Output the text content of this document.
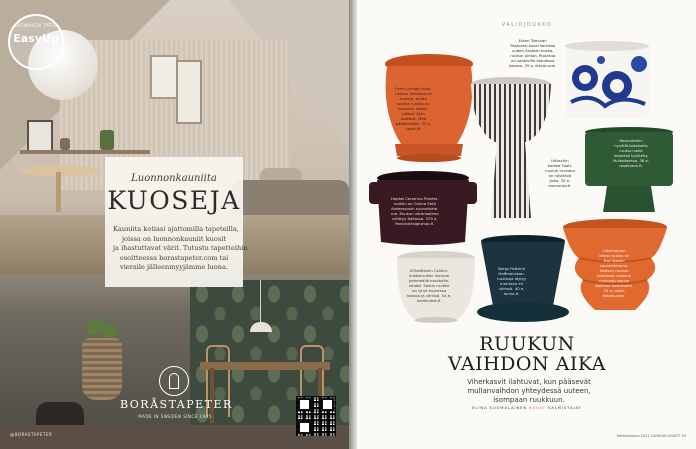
KOTIMAISTA TYÖTÄ
EasyUp
Luonnonkauniita
KUOSEJA
Kauniita kotiasi ajattomilla tapeteilla,
joissa on luonnonkauniit kuosit
ja ihastuttavat värit. Tutustu tapetteihin
osoitteessa borastapeter.com tai
vieraile jälleenmyyjämme luona.
BORÅSTAPETER
MADE IN SWEDEN SINCE 1905
@BORASTAPETER
VALIOJOUKKO
Ferm Livingin Alda-
ruukun uhkeissa on
muhea, mutta
sopiva ruukku on
kaunistu vedon-
pitävä. Ajan
kestävä. Mitä
pääkäyttöön, 25 e,
cocoll.fi.
Esteri Tomulan
Pastorasi-kuosi koristaa
uuden Arabian kukka-
ruukun pintaa. Ruukkua
on saatavilla kahdessa
koossa. 35 e, iittala.com.
Hübschin
korkea Footi-
ruukun mukana
on näyttävä
jalka. 35 e,
momento.fi.
Rosendahlin
hyvällä kokoisella
ruukuu sekä
kauniisti tyylitelty
Multaiteessa. 38 e,
rosekrans.fi.
Hoptat Ceramics Planter-
ruukku on Carina Seth
Anderssonin suunnittele-
ma. Ruukun värimaailma
välittyy Italiassa. 379 e,
finnishdesignshop.fi.
&Traditionin Collect-
kukkaruukku horneal
pehmeällä muotoilla-
lehdet. Selbin ruukku
on lyhyt moneesa
koossa ja värissä. 54 e,
nordicnest.fi.
Bergs Potterin
Hoffmanskan-
ruukkuja löytyy
monessa eri
värissä. 40 e,
lanna.fi.
Lokomalaon
ulkoa ruukku on
Eva Sjostin
suunnittelema.
Hodsan ruukun
taiteessa ruukuun
ruukusta sopiva
sijaitsee kokeeseen.
54 e, lokoh
teknia.com.
RUUKUN
VAIHDON AIKA
Viherkasvit ilahtuvat, kun pääsevät
mullanvaihdon yhteydessä uuteen,
isompaan ruukkuun.
ELINA SUOMALAINEN KUVAT VALMISTAJAT
Meillakotona 2021 DUMEAN AIVATT 29
